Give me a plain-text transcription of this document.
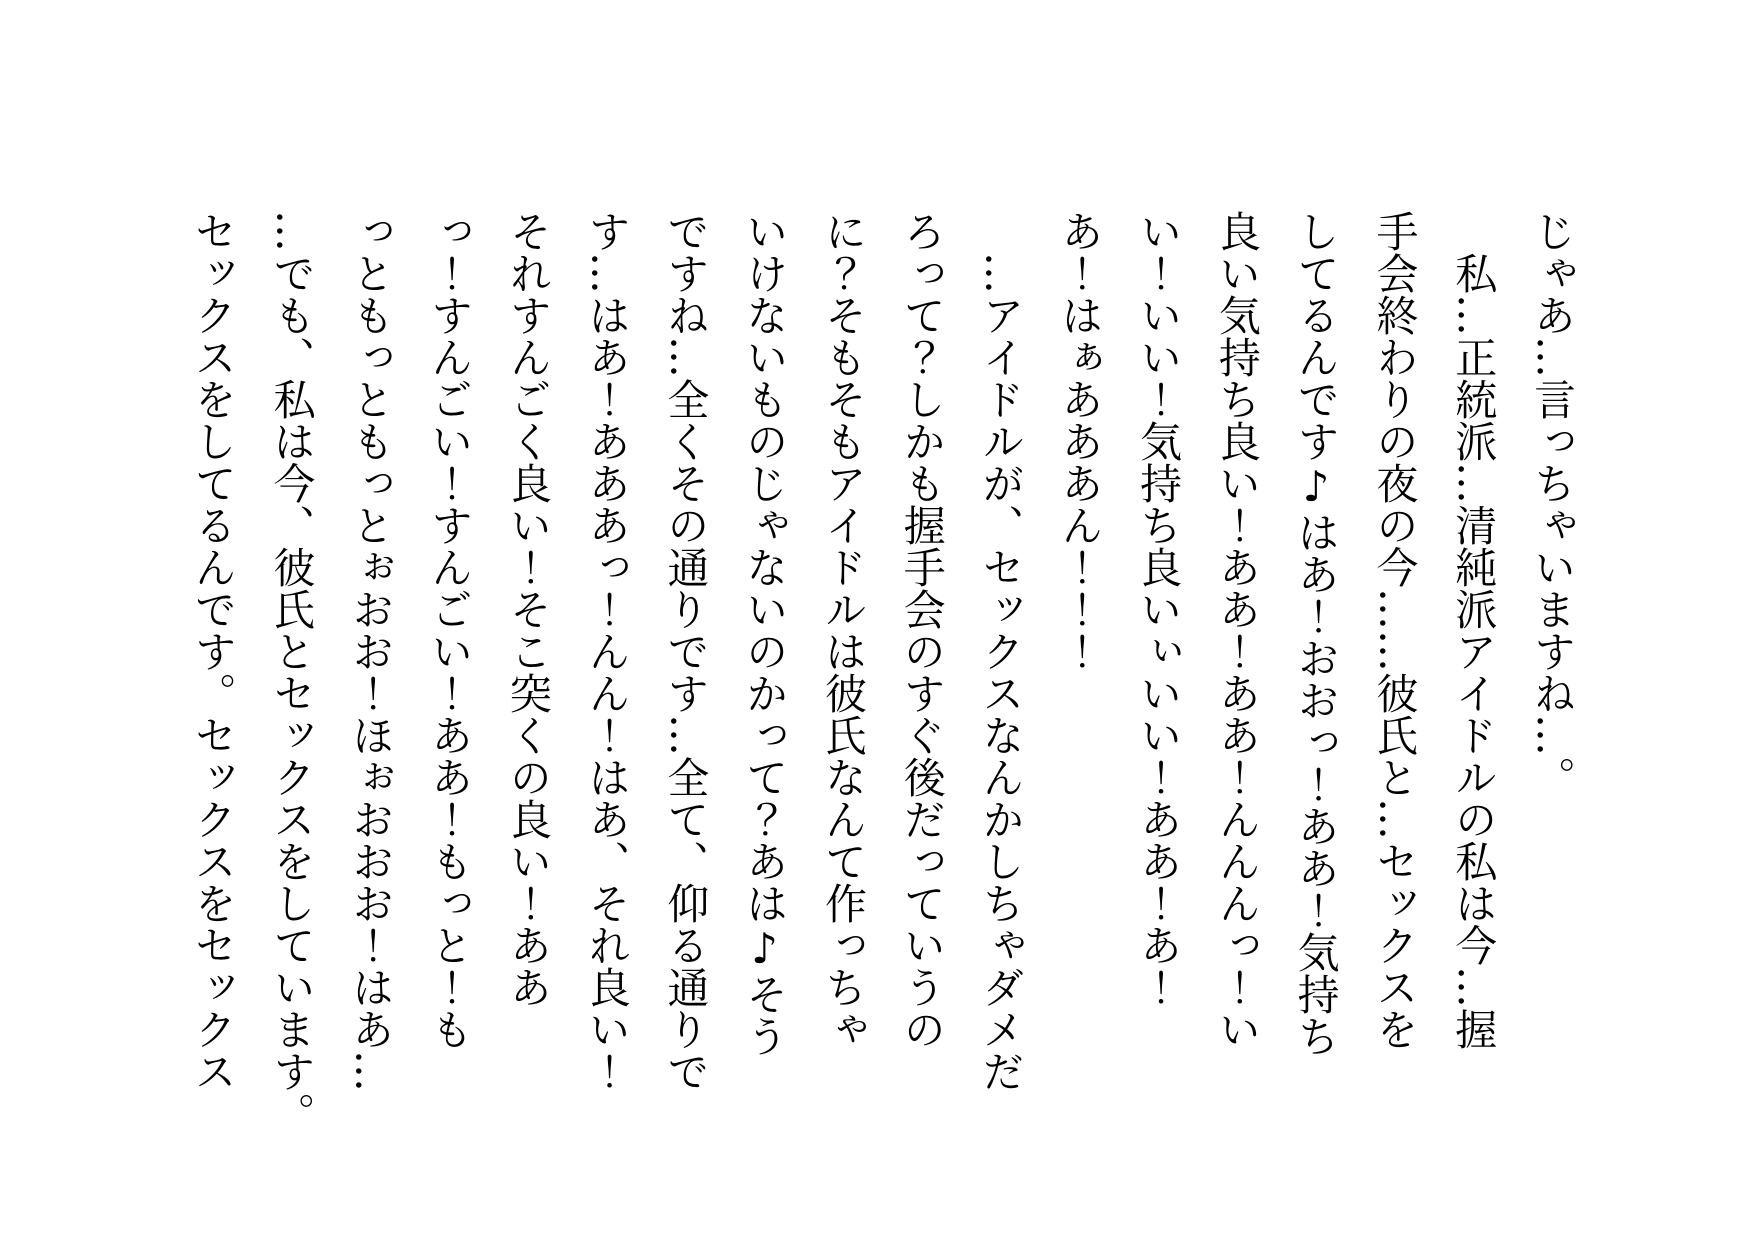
じゃあ…言っちゃいますね…。

私…正統派…清純派アイドルの私は今…握

手会終わりの夜の今……彼氏と…セックスを

してるんです♪はあ！おおっ！ああ！気持ち

良い気持ち良い！ああ！ああ！んんんっ！い

い！いい！気持ち良いぃいい！ああ！あ！

あ！はぁあああん！！！

…アイドルが、セックスなんかしちゃダメだ

ろって？しかも握手会のすぐ後だっていうの

に？そもそもアイドルは彼氏なんて作っちゃ

いけないものじゃないのかって？あは♪そう

ですね…全くその通りです…全て、仰る通りで

す…はあ！あああっ！んん！はあ、それ良い！

それすんごく良い！そこ突くの良い！ああ

っ！すんごい！すんごい！ああ！もっと！も

っともっともっとぉおお！ほぉおおお！はあ…

…でも、私は今、彼氏とセックスをしています。

セックスをしてるんです。セックスをセックス
